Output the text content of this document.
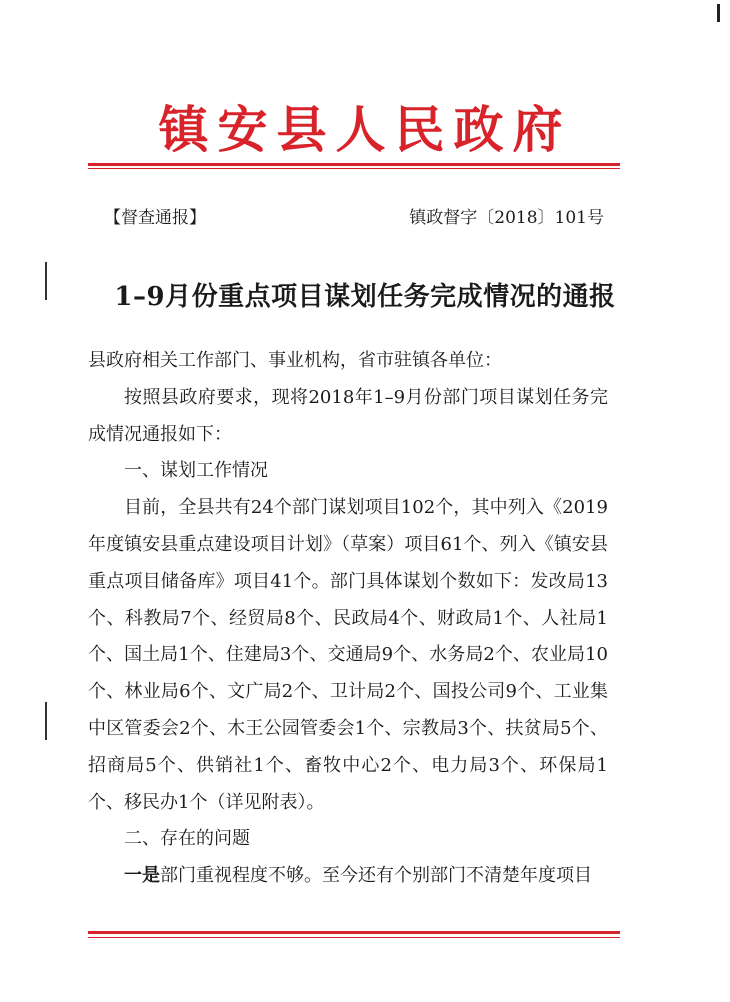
镇安县人民政府
【督查通报】	镇政督字〔2018〕101号
1–9月份重点项目谋划任务完成情况的通报

县政府相关工作部门、事业机构，省市驻镇各单位：

按照县政府要求，现将2018年1–9月份部门项目谋划任务完成情况通报如下：

一、谋划工作情况

目前，全县共有24个部门谋划项目102个，其中列入《2019年度镇安县重点建设项目计划》（草案）项目61个、列入《镇安县重点项目储备库》项目41个。部门具体谋划个数如下：发改局13个、科教局7个、经贸局8个、民政局4个、财政局1个、人社局1个、国土局1个、住建局3个、交通局9个、水务局2个、农业局10个、林业局6个、文广局2个、卫计局2个、国投公司9个、工业集中区管委会2个、木王公园管委会1个、宗教局3个、扶贫局5个、招商局5个、供销社1个、畜牧中心2个、电力局3个、环保局1个、移民办1个（详见附表）。

二、存在的问题

一是部门重视程度不够。至今还有个别部门不清楚年度项目
